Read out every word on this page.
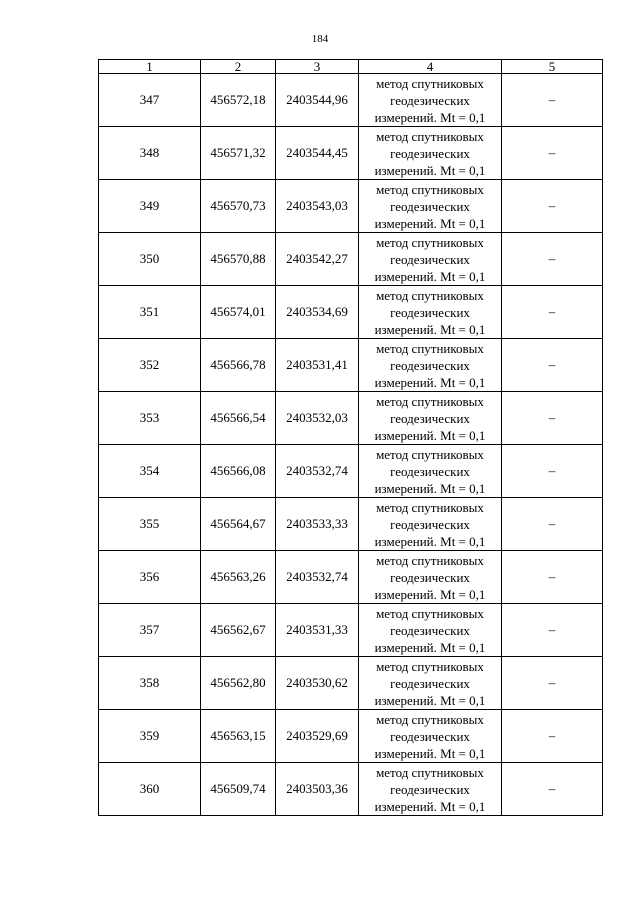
184
1	2	3	4	5
347	456572,18	2403544,96	метод спутниковых
геодезических
измерений. Mt = 0,1	–
348	456571,32	2403544,45	метод спутниковых
геодезических
измерений. Mt = 0,1	–
349	456570,73	2403543,03	метод спутниковых
геодезических
измерений. Mt = 0,1	–
350	456570,88	2403542,27	метод спутниковых
геодезических
измерений. Mt = 0,1	–
351	456574,01	2403534,69	метод спутниковых
геодезических
измерений. Mt = 0,1	–
352	456566,78	2403531,41	метод спутниковых
геодезических
измерений. Mt = 0,1	–
353	456566,54	2403532,03	метод спутниковых
геодезических
измерений. Mt = 0,1	–
354	456566,08	2403532,74	метод спутниковых
геодезических
измерений. Mt = 0,1	–
355	456564,67	2403533,33	метод спутниковых
геодезических
измерений. Mt = 0,1	–
356	456563,26	2403532,74	метод спутниковых
геодезических
измерений. Mt = 0,1	–
357	456562,67	2403531,33	метод спутниковых
геодезических
измерений. Mt = 0,1	–
358	456562,80	2403530,62	метод спутниковых
геодезических
измерений. Mt = 0,1	–
359	456563,15	2403529,69	метод спутниковых
геодезических
измерений. Mt = 0,1	–
360	456509,74	2403503,36	метод спутниковых
геодезических
измерений. Mt = 0,1	–
